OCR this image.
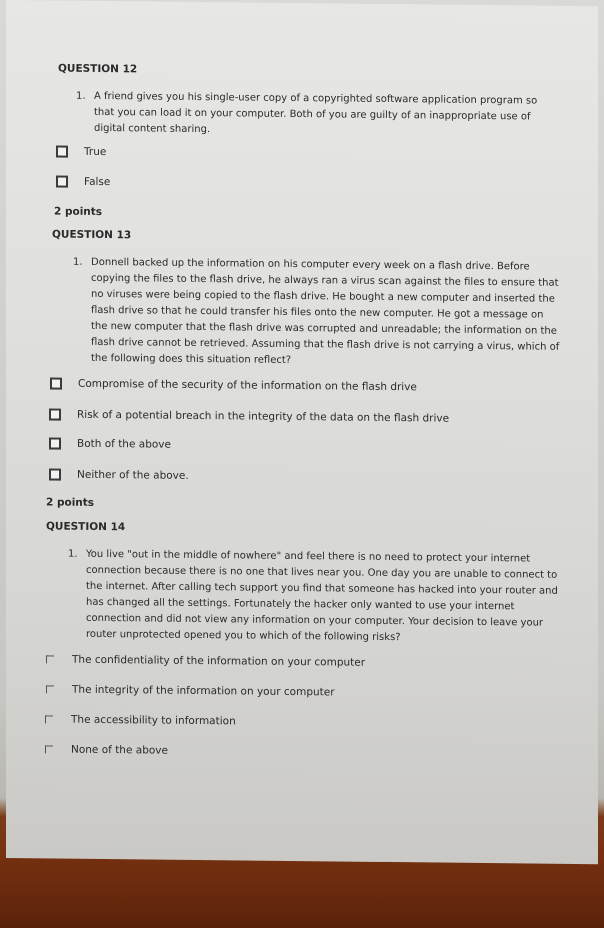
QUESTION 12
1. A friend gives you his single-user copy of a copyrighted software application program so that you can load it on your computer. Both of you are guilty of an inappropriate use of digital content sharing.
True
False
2 points
QUESTION 13
1. Donnell backed up the information on his computer every week on a flash drive. Before copying the files to the flash drive, he always ran a virus scan against the files to ensure that no viruses were being copied to the flash drive. He bought a new computer and inserted the flash drive so that he could transfer his files onto the new computer. He got a message on the new computer that the flash drive was corrupted and unreadable; the information on the flash drive cannot be retrieved. Assuming that the flash drive is not carrying a virus, which of the following does this situation reflect?
Compromise of the security of the information on the flash drive
Risk of a potential breach in the integrity of the data on the flash drive
Both of the above
Neither of the above.
2 points
QUESTION 14
1. You live "out in the middle of nowhere" and feel there is no need to protect your internet connection because there is no one that lives near you. One day you are unable to connect to the internet. After calling tech support you find that someone has hacked into your router and has changed all the settings. Fortunately the hacker only wanted to use your internet connection and did not view any information on your computer. Your decision to leave your router unprotected opened you to which of the following risks?
The confidentiality of the information on your computer
The integrity of the information on your computer
The accessibility to information
None of the above
